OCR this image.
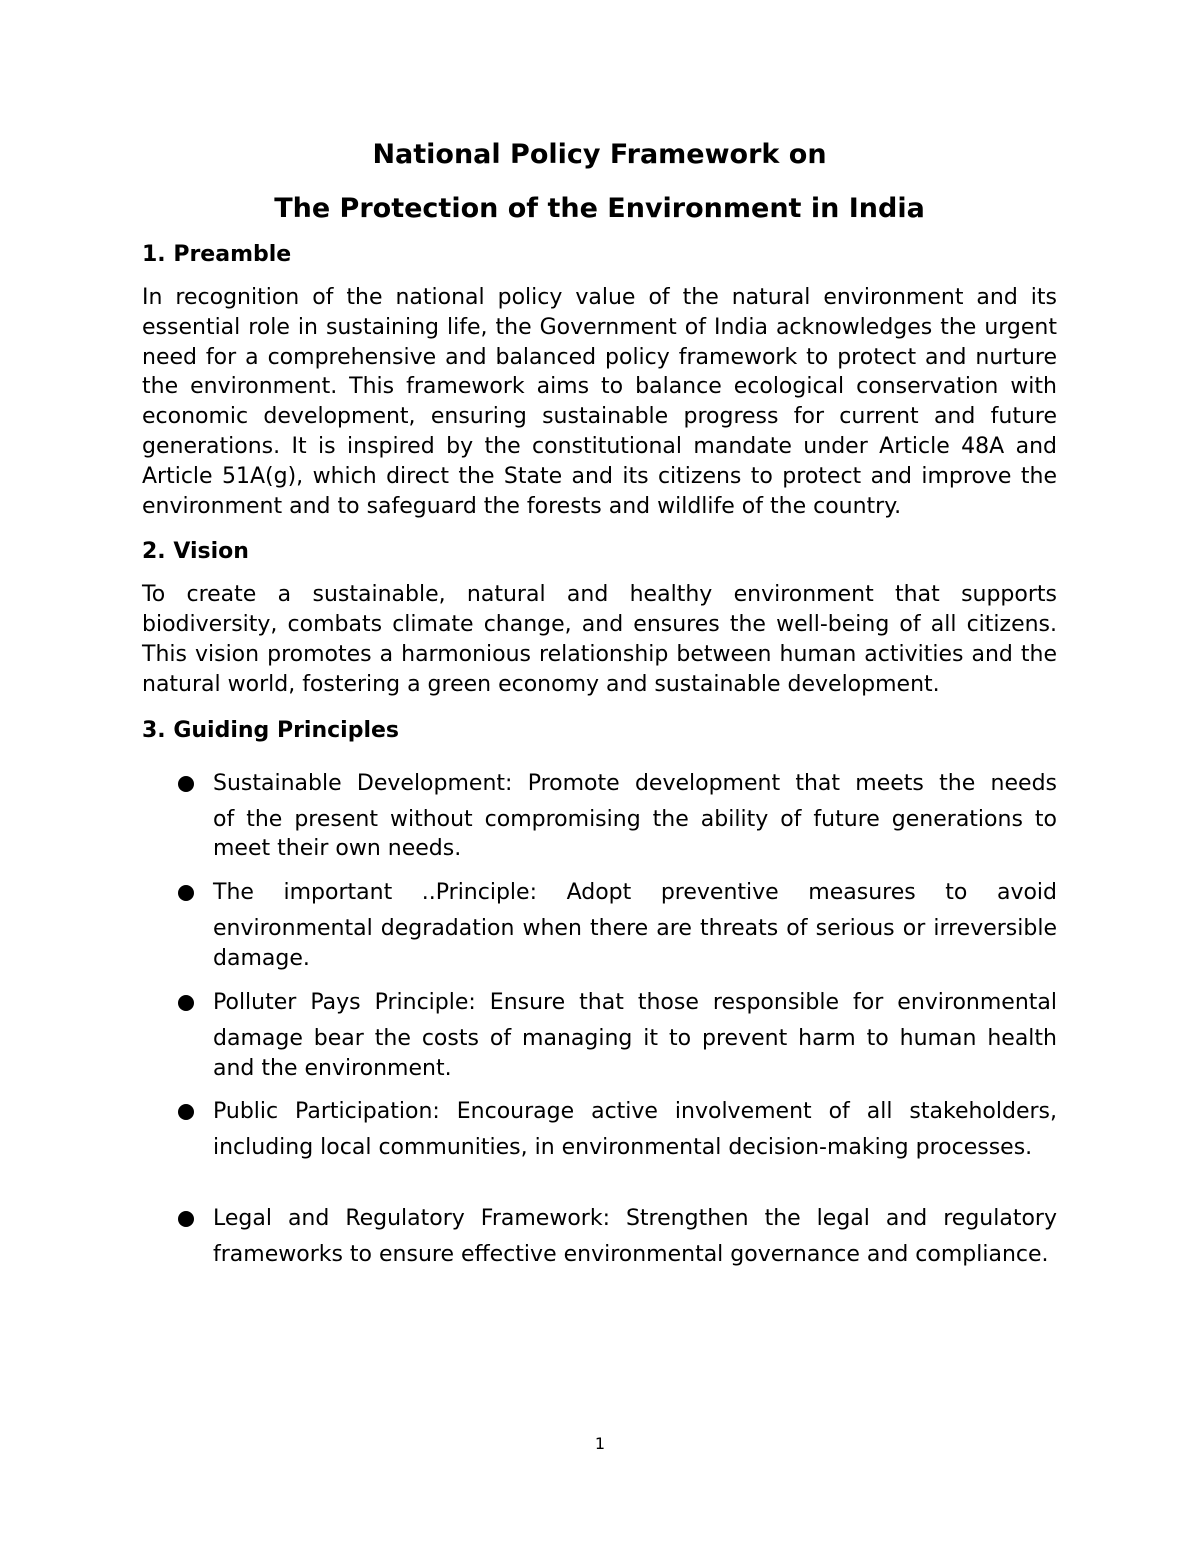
National Policy Framework on
The Protection of the Environment in India
1. Preamble

In recognition of the national policy value of the natural environment and its essential role in sustaining life, the Government of India acknowledges the urgent need for a comprehensive and balanced policy framework to protect and nurture the environment. This framework aims to balance ecological conservation with economic development, ensuring sustainable progress for current and future generations. It is inspired by the constitutional mandate under Article 48A and Article 51A(g), which direct the State and its citizens to protect and improve the environment and to safeguard the forests and wildlife of the country.

2. Vision

To create a sustainable, natural and healthy environment that supports biodiversity, combats climate change, and ensures the well-being of all citizens. This vision promotes a harmonious relationship between human activities and the natural world, fostering a green economy and sustainable development.

3. Guiding Principles
Sustainable Development: Promote development that meets the needs
of the present without compromising the ability of future generations to meet their own needs.
The important ..Principle: Adopt preventive measures to avoid
environmental degradation when there are threats of serious or irreversible damage.
Polluter Pays Principle: Ensure that those responsible for environmental
damage bear the costs of managing it to prevent harm to human health and the environment.
Public Participation: Encourage active involvement of all stakeholders,
including local communities, in environmental decision-making processes.
Legal and Regulatory Framework: Strengthen the legal and regulatory
frameworks to ensure effective environmental governance and compliance.
1
